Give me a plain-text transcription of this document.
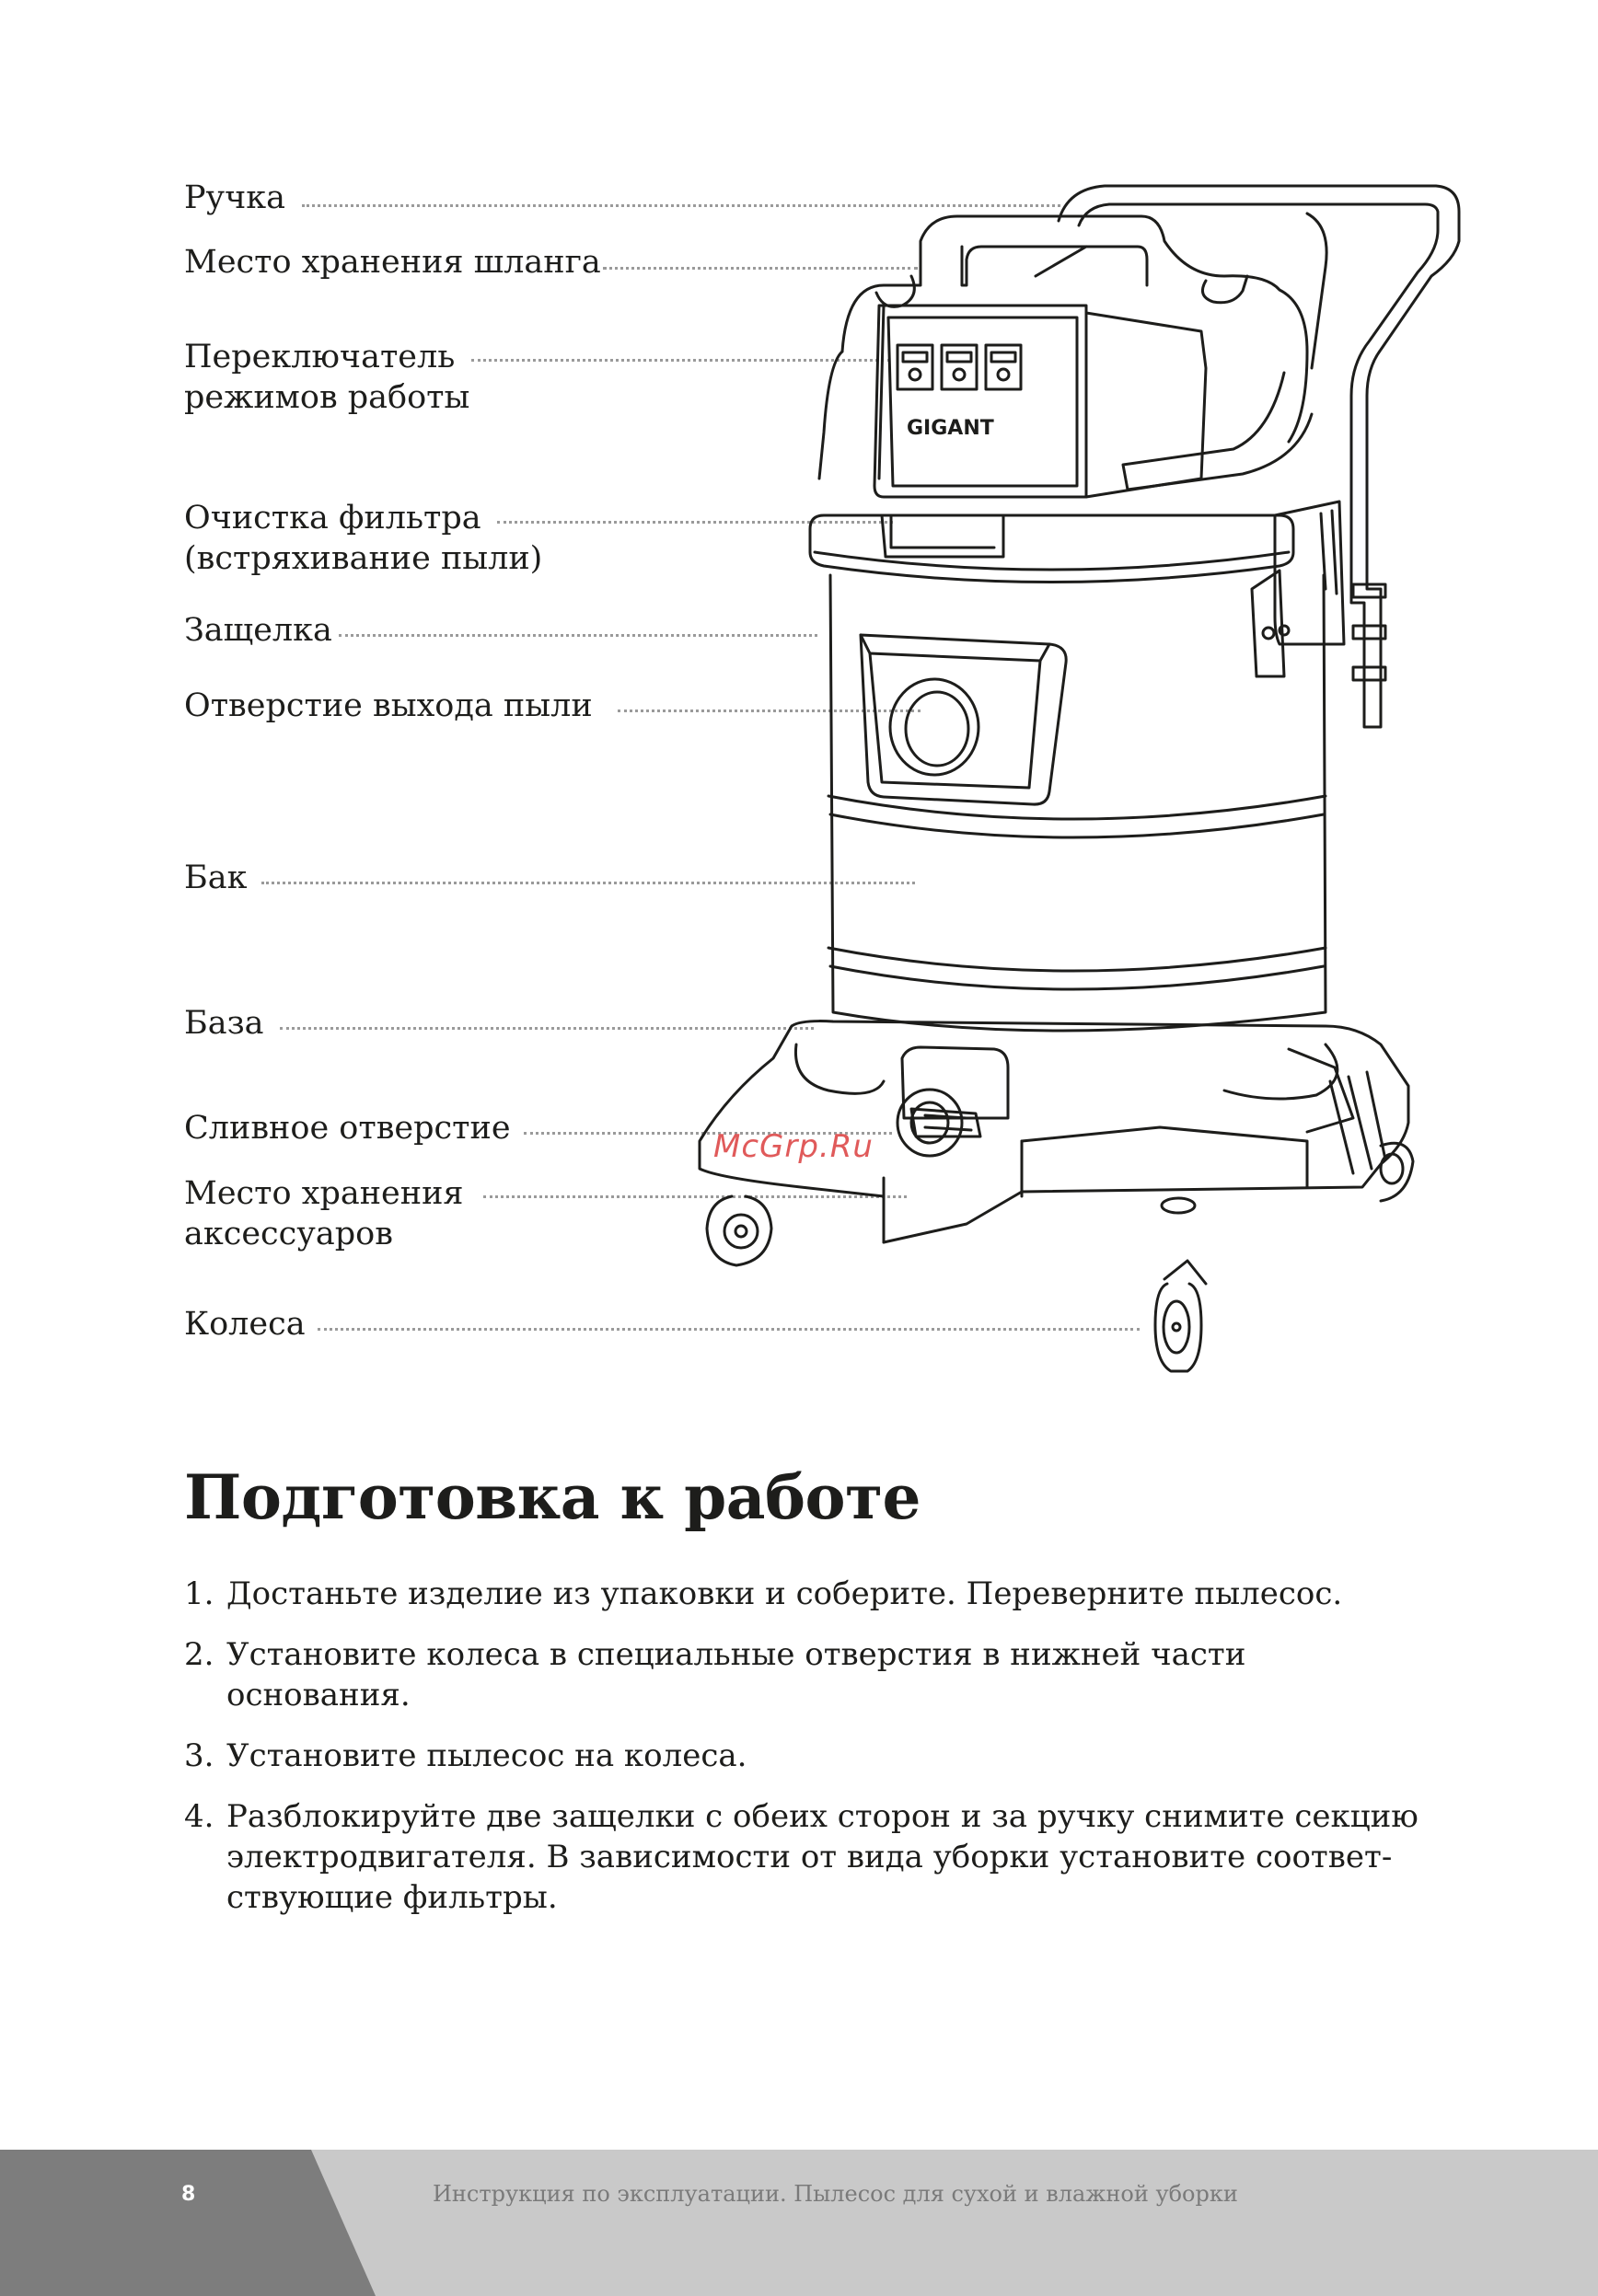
Ручка
Место хранения шланга
Переключатель
режимов работы
Очистка фильтра
(встряхивание пыли)
Защелка
Отверстие выхода пыли
Бак
База
Сливное отверстие
Место хранения
аксессуаров
Колеса
GIGANT
McGrp.Ru
Подготовка к работе
1. Достаньте изделие из упаковки и соберите. Переверните пылесос.
2. Установите колеса в специальные отверстия в нижней части
основания.
3. Установите пылесос на колеса.
4. Разблокируйте две защелки с обеих сторон и за ручку снимите секцию
электродвигателя. В зависимости от вида уборки установите соответ-
ствующие фильтры.
8	Инструкция по эксплуатации. Пылесос для сухой и влажной уборки
